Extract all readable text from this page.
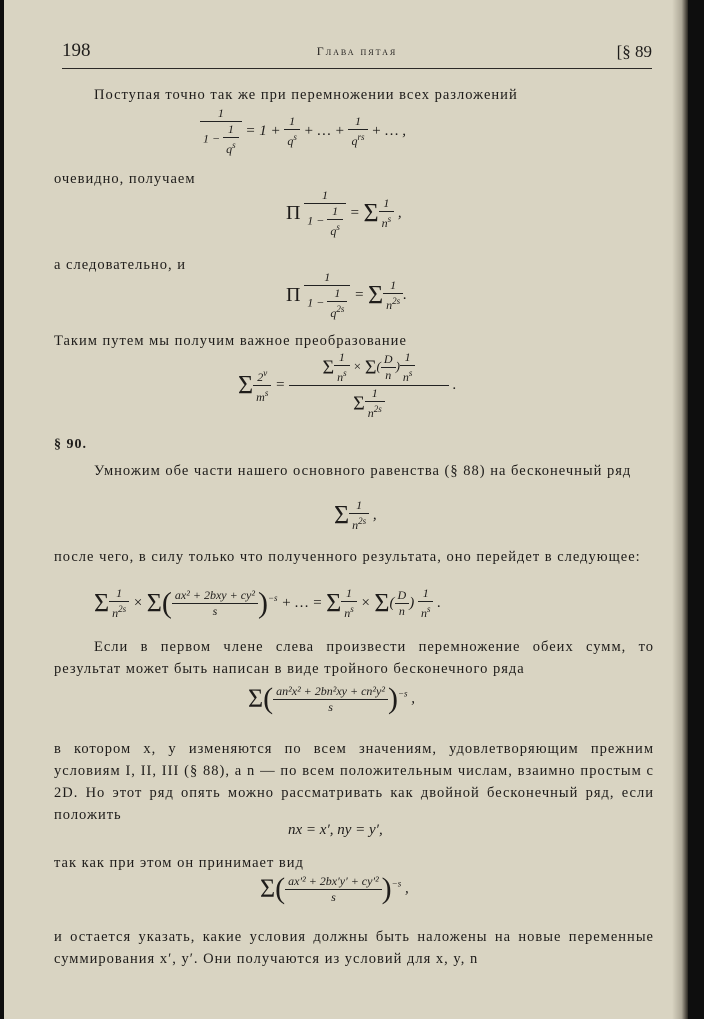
198	Глава пятая	[§ 89
Поступая точно так же при перемножении всех разложений
$\frac{1}{1 - \frac{1}{q^s}} = 1 + \frac{1}{q^s}$ + … +
1
$q^{rs}$ + … ,
очевидно, получаем
Π $\frac{1}{1 - \frac{1}{q^s}} = \Sigma \frac{1}{n^s}$ ,
а следовательно, и
Π $\frac{1}{1 - \frac{1}{q^{2s}}} = \Sigma \frac{1}{n^{2s}}$ .
Таким путем мы получим важное преобразование
Σ $\frac{2^\nu}{m^s} = \frac{\Sigma \frac{1}{n^s} \times \Sigma( \frac{D}{n} ) \frac{1}{n^s}}{\Sigma \frac{1}{n^{2s}}}$ .
§ 90.
Умножим обе части нашего основного равенства (§ 88) на бесконечный ряд
Σ $\frac{1}{n^{2s}}$ ,
после чего, в силу только что полученного результата, оно перейдет в следующее:
Σ $\frac{1}{n^{2s}} \times \Sigma$( ax² + 2bxy + cy²
s	)$^{-s}$ + … = Σ $\frac{1}{n^s} \times \Sigma( \frac{D}{n}$ ) $\frac{1}{n^s}$ .
Если в первом члене слева произвести перемножение обеих сумм, то результат может быть написан в виде тройного бесконечного ряда
$\Sigma( \frac{\text{an²x² + 2bn²xy + cn²y²}}{s} )^{-s}$ ,
в котором x, y изменяются по всем значениям, удовлетворяющим прежним условиям I, II, III (§ 88), а n — по всем положительным числам, взаимно простым с 2D. Но этот ряд опять можно рассматривать как двойной бесконечный ряд, если положить
nx = x′, ny = y′,
так как при этом он принимает вид
$\Sigma( \frac{\text{ax′² + 2bx′y′ + cy′²}}{s} )^{-s}$ ,
и остается указать, какие условия должны быть наложены на новые переменные суммирования x′, y′. Они получаются из условий для x, y, n
